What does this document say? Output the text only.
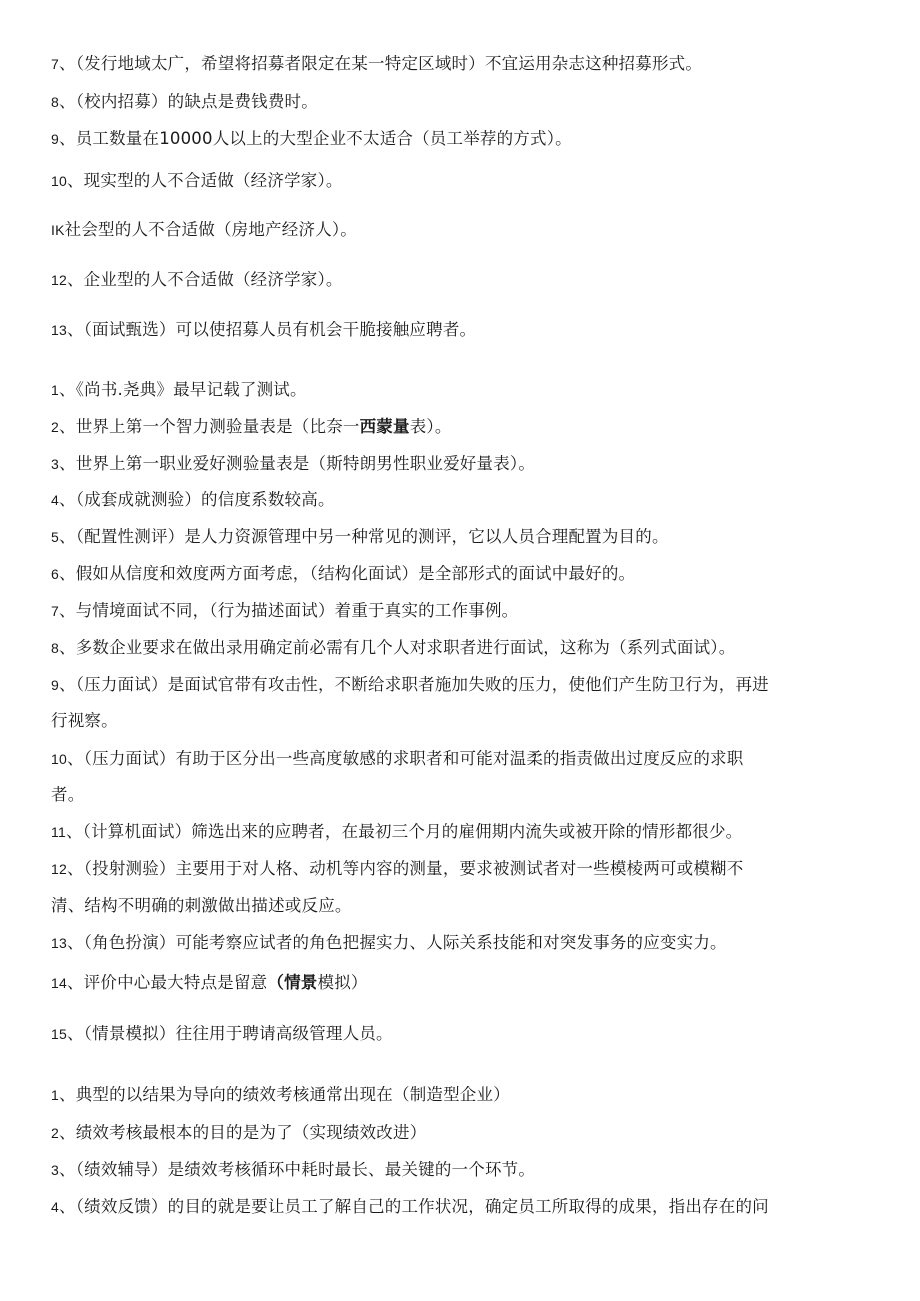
7、（发行地域太广，希望将招募者限定在某一特定区域时）不宜运用杂志这种招募形式。
8、（校内招募）的缺点是费钱费时。
9、员工数量在10000人以上的大型企业不太适合（员工举荐的方式）。
10、现实型的人不合适做（经济学家）。
IK社会型的人不合适做（房地产经济人）。
12、企业型的人不合适做（经济学家）。
13、（面试甄选）可以使招募人员有机会干脆接触应聘者。
1、《尚书.尧典》最早记载了测试。
2、世界上第一个智力测验量表是（比奈一西蒙量表）。
3、世界上第一职业爱好测验量表是（斯特朗男性职业爱好量表）。
4、（成套成就测验）的信度系数较高。
5、（配置性测评）是人力资源管理中另一种常见的测评，它以人员合理配置为目的。
6、假如从信度和效度两方面考虑，（结构化面试）是全部形式的面试中最好的。
7、与情境面试不同，（行为描述面试）着重于真实的工作事例。
8、多数企业要求在做出录用确定前必需有几个人对求职者进行面试，这称为（系列式面试）。
9、（压力面试）是面试官带有攻击性，不断给求职者施加失败的压力，使他们产生防卫行为，再进
行视察。
10、（压力面试）有助于区分出一些高度敏感的求职者和可能对温柔的指责做出过度反应的求职
者。
11、（计算机面试）筛选出来的应聘者，在最初三个月的雇佣期内流失或被开除的情形都很少。
12、（投射测验）主要用于对人格、动机等内容的测量，要求被测试者对一些模棱两可或模糊不
清、结构不明确的刺激做出描述或反应。
13、（角色扮演）可能考察应试者的角色把握实力、人际关系技能和对突发事务的应变实力。
14、评价中心最大特点是留意（情景模拟）
15、（情景模拟）往往用于聘请高级管理人员。
1、典型的以结果为导向的绩效考核通常出现在（制造型企业）
2、绩效考核最根本的目的是为了（实现绩效改进）
3、（绩效辅导）是绩效考核循环中耗时最长、最关键的一个环节。
4、（绩效反馈）的目的就是要让员工了解自己的工作状况，确定员工所取得的成果，指出存在的问
